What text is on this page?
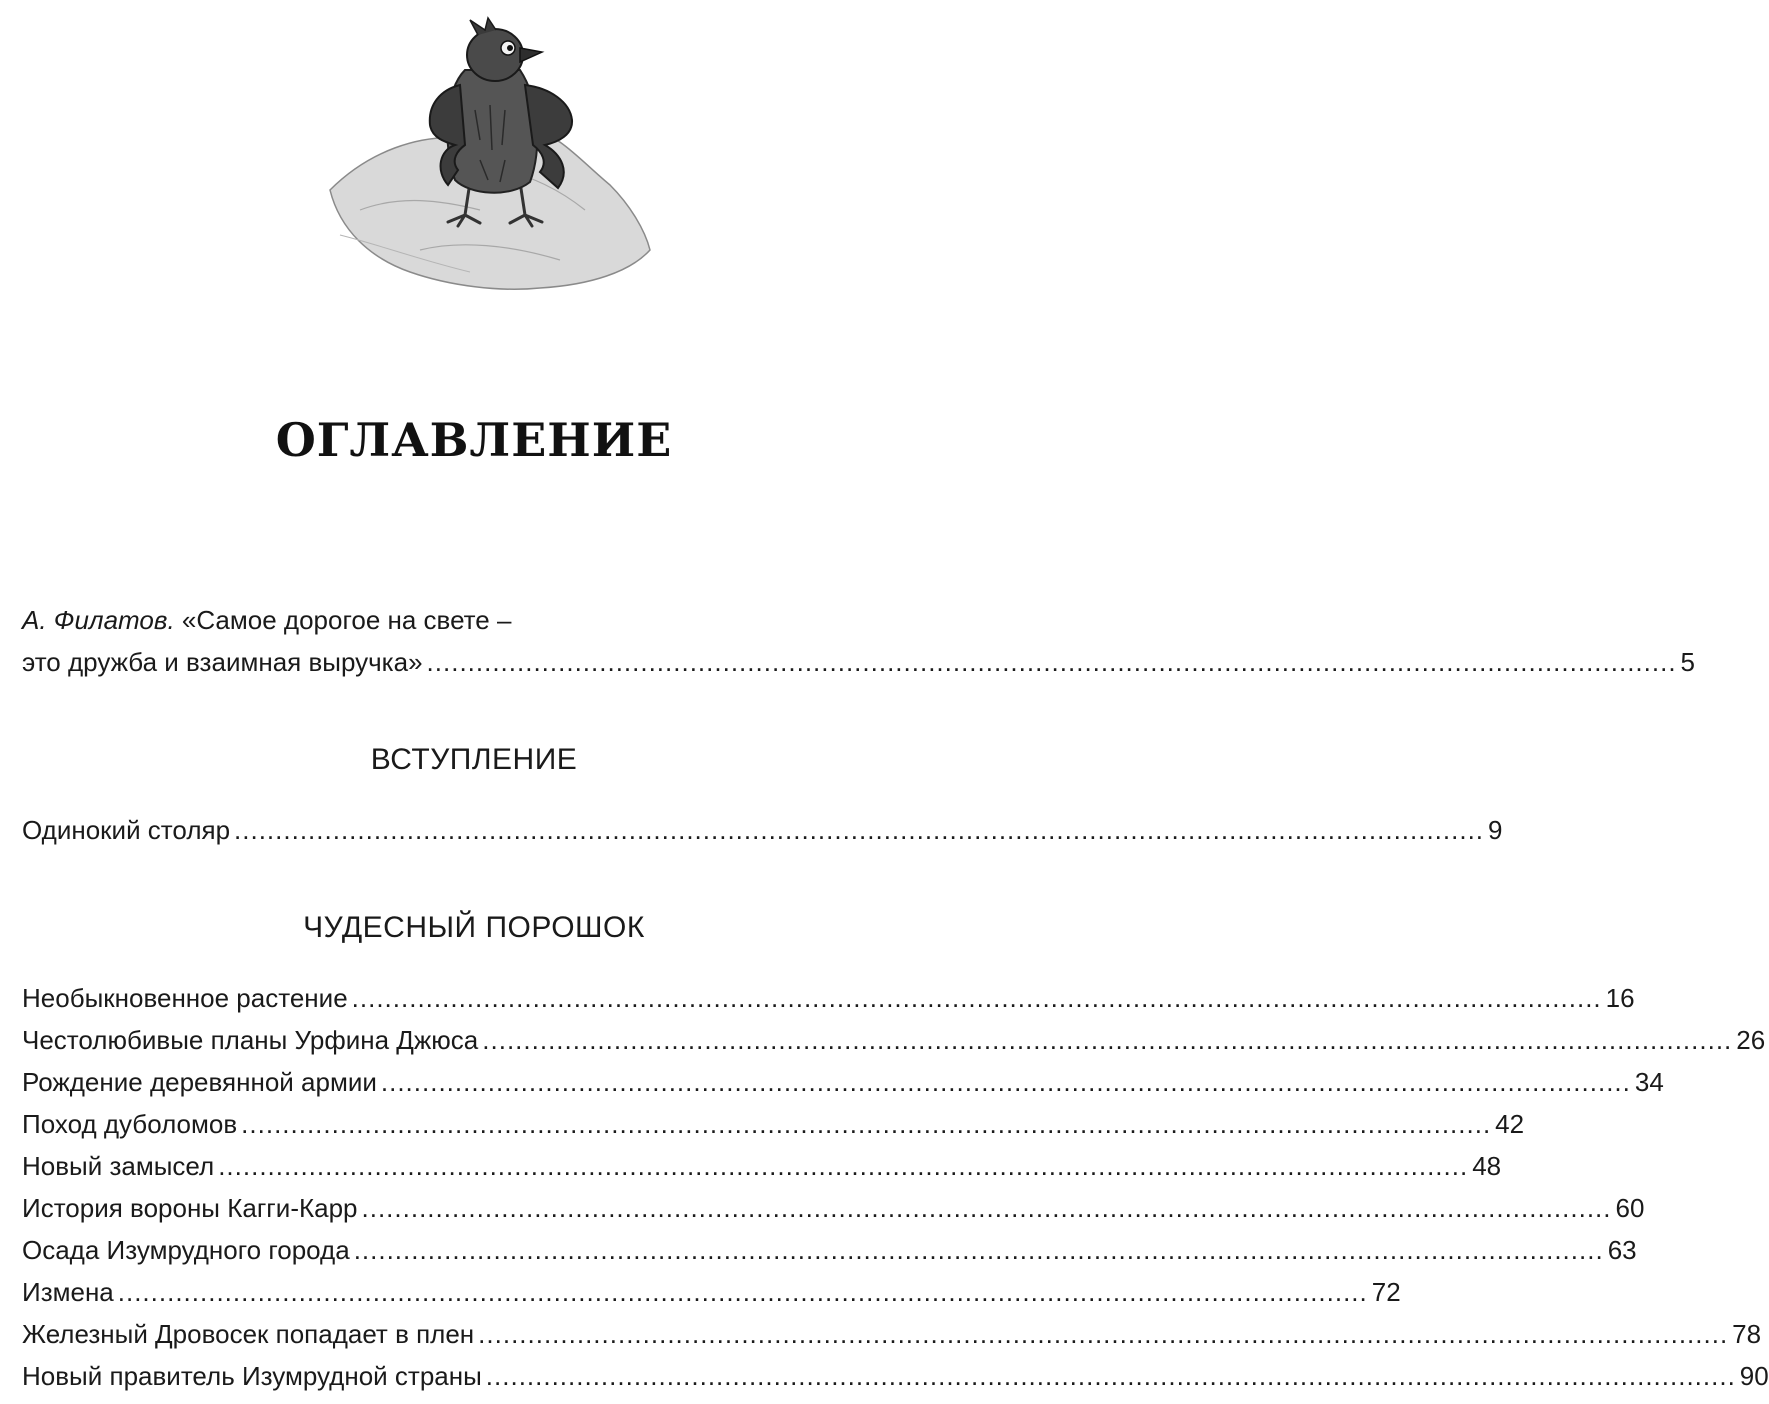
ОГЛАВЛЕНИЕ
А. Филатов. «Самое дорогое на свете –
это дружба и взаимная выручка» ........................................................................................................................................................ 5
ВСТУПЛЕНИЕ
Одинокий столяр ........................................................................................................................................................ 9
ЧУДЕСНЫЙ ПОРОШОК
Необыкновенное растение ........................................................................................................................................................ 16
Честолюбивые планы Урфина Джюса ........................................................................................................................................................ 26
Рождение деревянной армии ........................................................................................................................................................ 34
Поход дуболомов ........................................................................................................................................................ 42
Новый замысел ........................................................................................................................................................ 48
История вороны Кагги-Карр ........................................................................................................................................................ 60
Осада Изумрудного города ........................................................................................................................................................ 63
Измена ........................................................................................................................................................ 72
Железный Дровосек попадает в плен ........................................................................................................................................................ 78
Новый правитель Изумрудной страны ........................................................................................................................................................ 90
